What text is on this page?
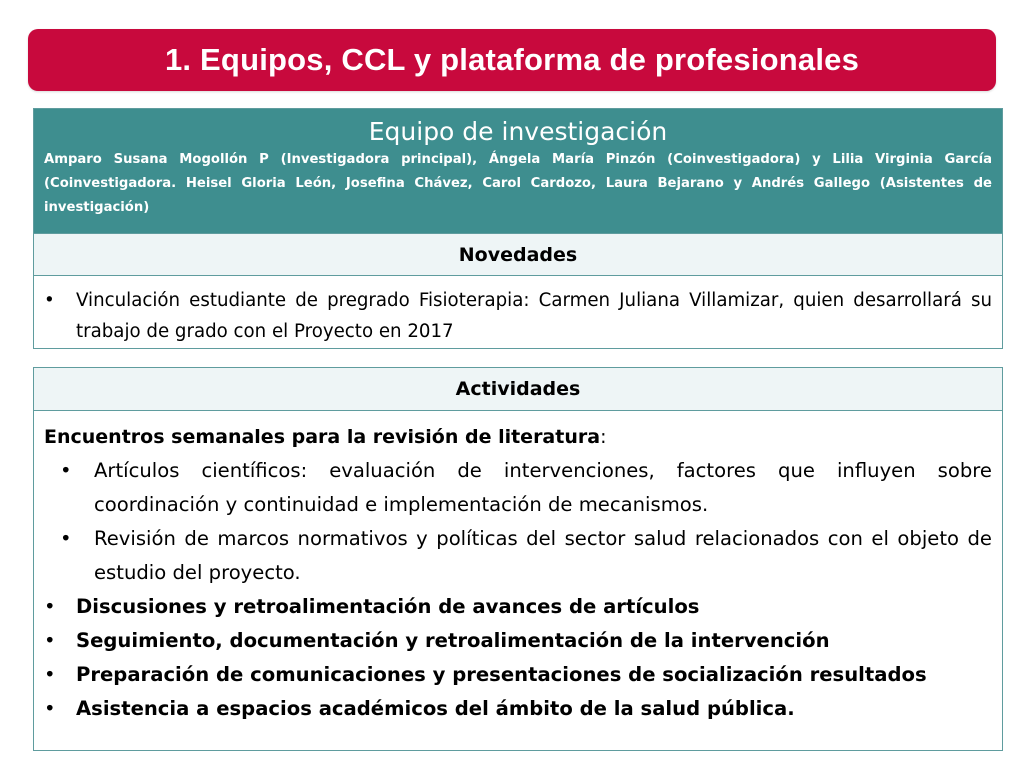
1. Equipos, CCL y plataforma de profesionales
Equipo de investigación
Amparo Susana Mogollón P (Investigadora principal), Ángela María Pinzón (Coinvestigadora) y Lilia Virginia García (Coinvestigadora. Heisel Gloria León, Josefina Chávez, Carol Cardozo, Laura Bejarano y Andrés Gallego (Asistentes de investigación)
Novedades
•	Vinculación estudiante de pregrado Fisioterapia: Carmen Juliana Villamizar, quien desarrollará su trabajo de grado con el Proyecto en 2017
Actividades
Encuentros semanales para la revisión de literatura:
•	Artículos científicos: evaluación de intervenciones, factores que influyen sobre coordinación y continuidad e implementación de mecanismos.
•	Revisión de marcos normativos y políticas del sector salud relacionados con el objeto de estudio del proyecto.
•	Discusiones y retroalimentación de avances de artículos
•	Seguimiento, documentación y retroalimentación de la intervención
•	Preparación de comunicaciones y presentaciones de socialización resultados
•	Asistencia a espacios académicos del ámbito de la salud pública.
